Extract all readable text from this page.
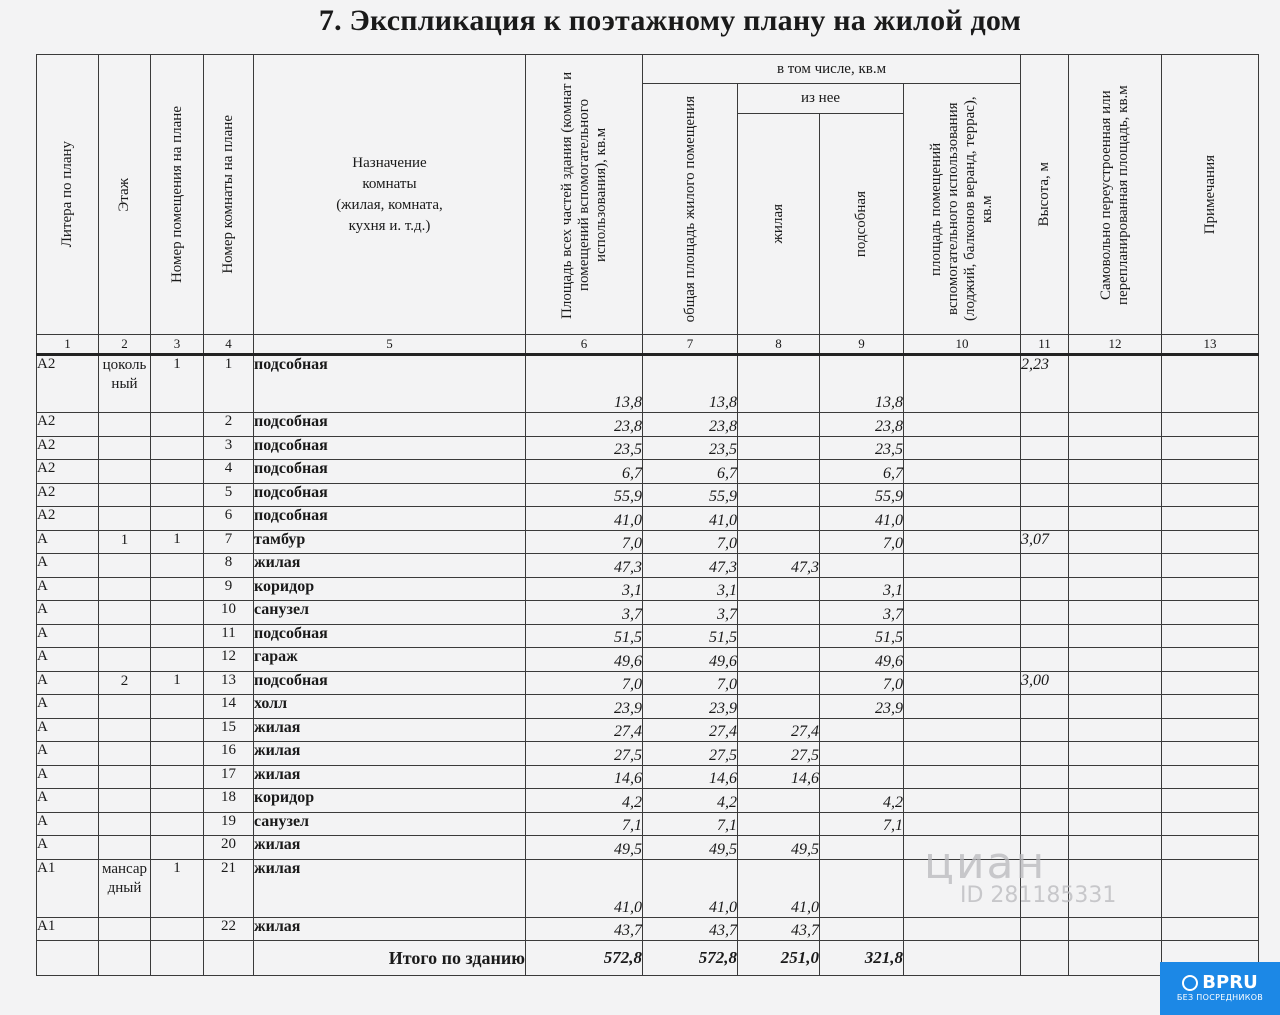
7. Экспликация к поэтажному плану на жилой дом
Литера по плану	Этаж	Номер помещения на плане	Номер комнаты на плане	Назначение
комнаты
(жилая, комната,
кухня и. т.д.)	Площадь всех частей здания (комнат и помещений вспомогательного использования), кв.м	в том числе, кв.м				Высота, м	Самовольно переустроенная или перепланированная площадь, кв.м	Примечания

						общая площадь жилого помещения	из нее		площадь помещений вспомогательного использования (лоджий, балконов веранд, террас), кв.м			

							жилая	подсобная				

1	2	3	4	5	6	7	8	9	10	11	12	13
А2	цокольный	1	1	подсобная	13,8	13,8		13,8		2,23		
А2			2	подсобная	23,8	23,8		23,8				
А2			3	подсобная	23,5	23,5		23,5				
А2			4	подсобная	6,7	6,7		6,7				
А2			5	подсобная	55,9	55,9		55,9				
А2			6	подсобная	41,0	41,0		41,0				
А	1	1	7	тамбур	7,0	7,0		7,0		3,07		
А			8	жилая	47,3	47,3	47,3					
А			9	коридор	3,1	3,1		3,1				
А			10	санузел	3,7	3,7		3,7				
А			11	подсобная	51,5	51,5		51,5				
А			12	гараж	49,6	49,6		49,6				
А	2	1	13	подсобная	7,0	7,0		7,0		3,00		
А			14	холл	23,9	23,9		23,9				
А			15	жилая	27,4	27,4	27,4					
А			16	жилая	27,5	27,5	27,5					
А			17	жилая	14,6	14,6	14,6					
А			18	коридор	4,2	4,2		4,2				
А			19	санузел	7,1	7,1		7,1				
А			20	жилая	49,5	49,5	49,5					
А1	мансардный	1	21	жилая	41,0	41,0	41,0					
А1			22	жилая	43,7	43,7	43,7					
				Итого по зданию	572,8	572,8	251,0	321,8				
циан
ID 281185331
BPRU
БЕЗ ПОСРЕДНИКОВ
